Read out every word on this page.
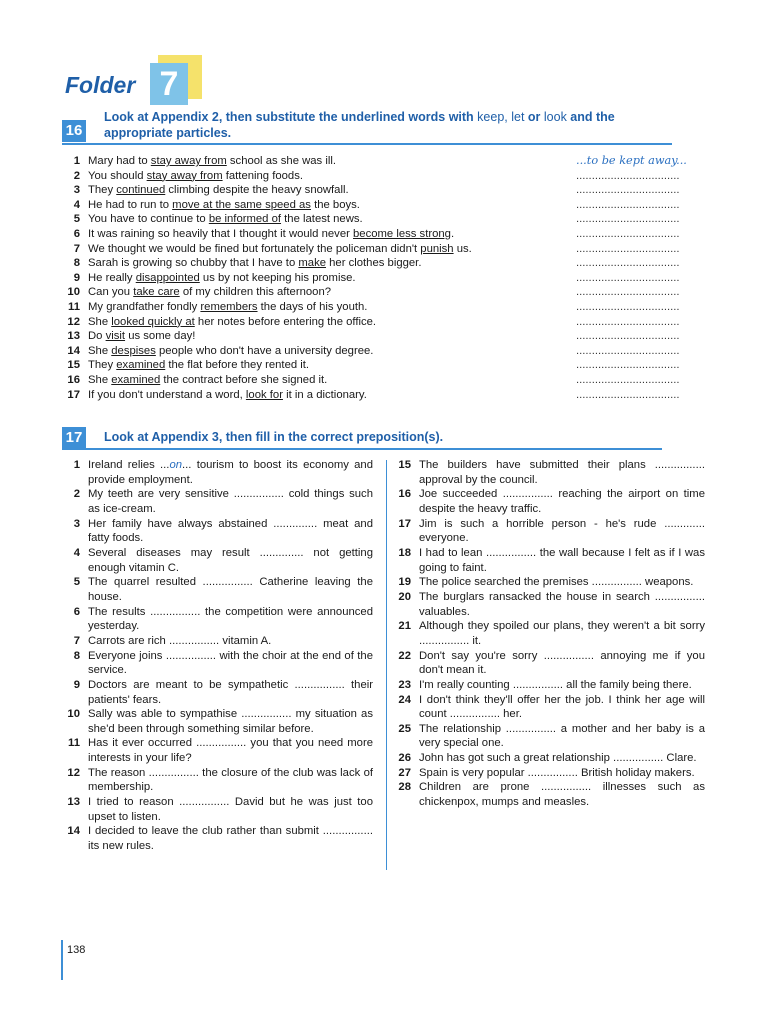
Folder 7
16
Look at Appendix 2, then substitute the underlined words with keep, let or look and the
appropriate particles.
1 Mary had to stay away from school as she was ill.	...to be kept away...
2 You should stay away from fattening foods.	.................................
3 They continued climbing despite the heavy snowfall.	.................................
4 He had to run to move at the same speed as the boys.	.................................
5 You have to continue to be informed of the latest news.	.................................
6 It was raining so heavily that I thought it would never become less strong.	.................................
7 We thought we would be fined but fortunately the policeman didn't punish us.	.................................
8 Sarah is growing so chubby that I have to make her clothes bigger.	.................................
9 He really disappointed us by not keeping his promise.	.................................
10 Can you take care of my children this afternoon?	.................................
11 My grandfather fondly remembers the days of his youth.	.................................
12 She looked quickly at her notes before entering the office.	.................................
13 Do visit us some day!	.................................
14 She despises people who don't have a university degree.	.................................
15 They examined the flat before they rented it.	.................................
16 She examined the contract before she signed it.	.................................
17 If you don't understand a word, look for it in a dictionary.	.................................
17 Look at Appendix 3, then fill in the correct preposition(s).
1 Ireland relies ...on... tourism to boost its economy and provide employment.
2 My teeth are very sensitive ................ cold things such as ice-cream.
3 Her family have always abstained .............. meat and fatty foods.
4 Several diseases may result .............. not getting enough vitamin C.
5 The quarrel resulted ................ Catherine leaving the house.
6 The results ................ the competition were announced yesterday.
7 Carrots are rich ................ vitamin A.
8 Everyone joins ................ with the choir at the end of the service.
9 Doctors are meant to be sympathetic ................ their patients' fears.
10 Sally was able to sympathise ................ my situation as she'd been through something similar before.
11 Has it ever occurred ................ you that you need more interests in your life?
12 The reason ................ the closure of the club was lack of membership.
13 I tried to reason ................ David but he was just too upset to listen.
14 I decided to leave the club rather than submit ................ its new rules.
15 The builders have submitted their plans ................ approval by the council.
16 Joe succeeded ................ reaching the airport on time despite the heavy traffic.
17 Jim is such a horrible person - he's rude ............. everyone.
18 I had to lean ................ the wall because I felt as if I was going to faint.
19 The police searched the premises ................ weapons.
20 The burglars ransacked the house in search ................ valuables.
21 Although they spoiled our plans, they weren't a bit sorry ................ it.
22 Don't say you're sorry ................ annoying me if you don't mean it.
23 I'm really counting ................ all the family being there.
24 I don't think they'll offer her the job. I think her age will count ................ her.
25 The relationship ................ a mother and her baby is a very special one.
26 John has got such a great relationship ................ Clare.
27 Spain is very popular ................ British holiday makers.
28 Children are prone ................ illnesses such as chickenpox, mumps and measles.
138
